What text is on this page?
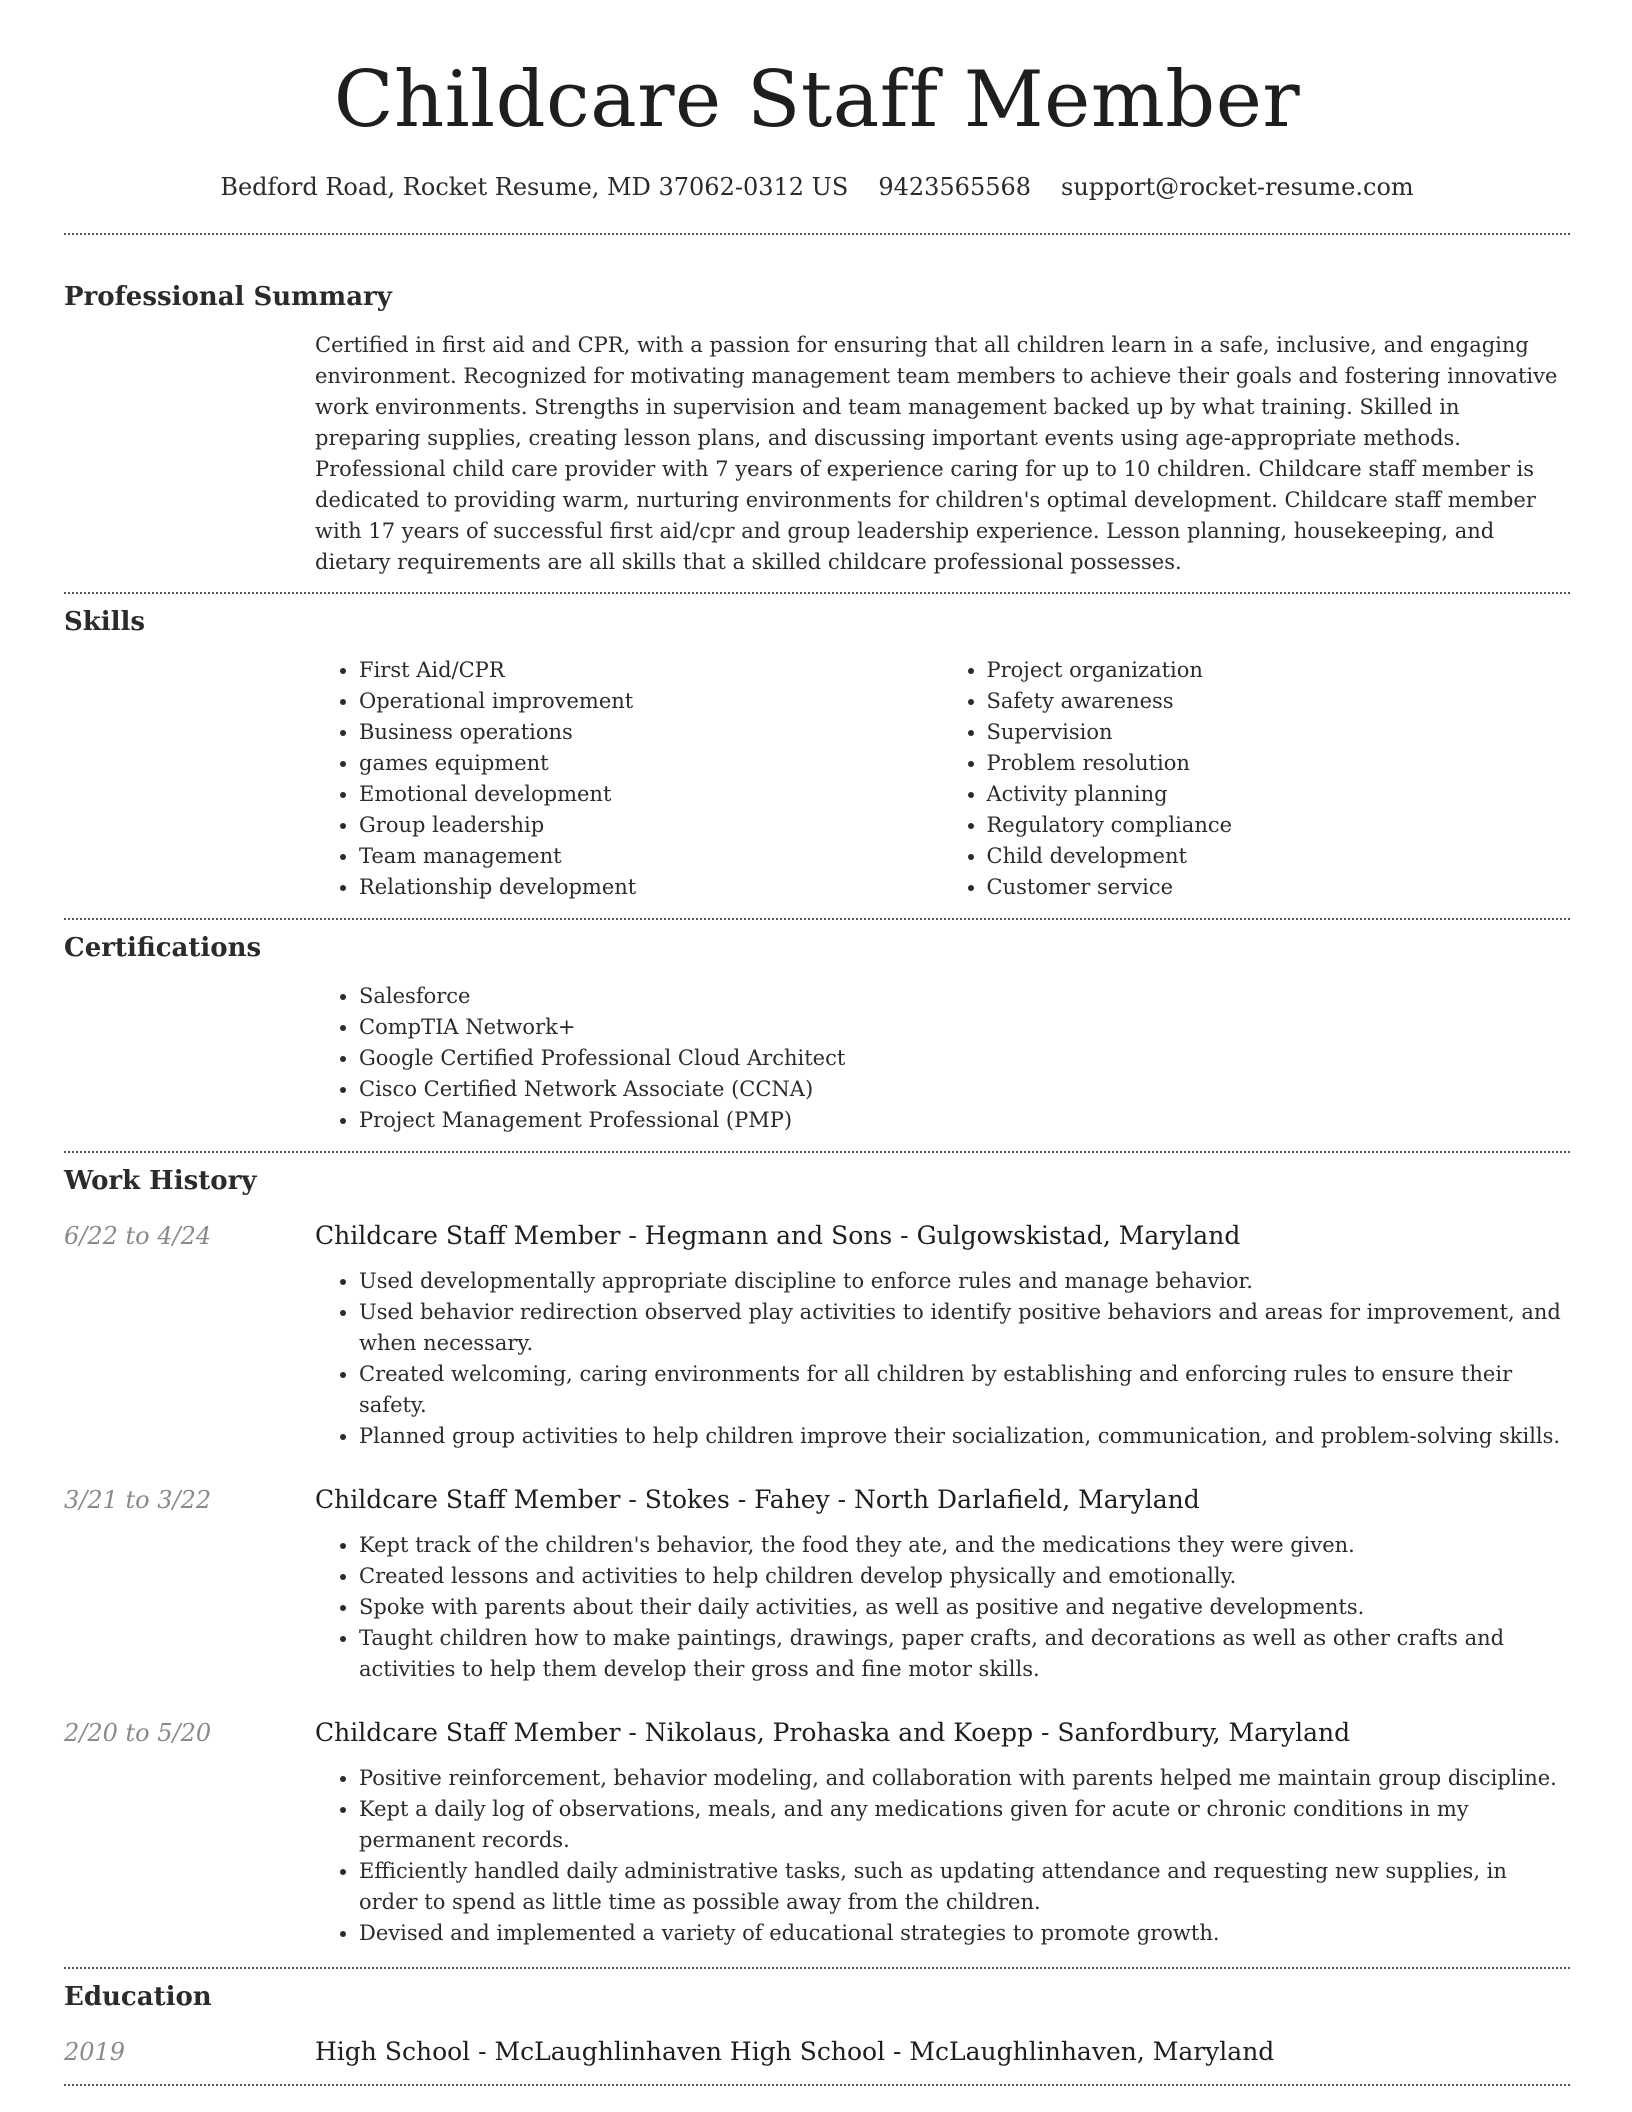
Childcare Staff Member
Bedford Road, Rocket Resume, MD 37062-0312 US 9423565568 support@rocket-resume.com
Professional Summary

Certified in first aid and CPR, with a passion for ensuring that all children learn in a safe, inclusive, and engaging environment. Recognized for motivating management team members to achieve their goals and fostering innovative work environments. Strengths in supervision and team management backed up by what training. Skilled in preparing supplies, creating lesson plans, and discussing important events using age-appropriate methods. Professional child care provider with 7 years of experience caring for up to 10 children. Childcare staff member is dedicated to providing warm, nurturing environments for children's optimal development. Childcare staff member with 17 years of successful first aid/cpr and group leadership experience. Lesson planning, housekeeping, and dietary requirements are all skills that a skilled childcare professional possesses.

Skills
• First Aid/CPR
• Operational improvement
• Business operations
• games equipment
• Emotional development
• Group leadership
• Team management
• Relationship development
• Project organization
• Safety awareness
• Supervision
• Problem resolution
• Activity planning
• Regulatory compliance
• Child development
• Customer service
Certifications
• Salesforce
• CompTIA Network+
• Google Certified Professional Cloud Architect
• Cisco Certified Network Associate (CCNA)
• Project Management Professional (PMP)
Work History
6/22 to 4/24	Childcare Staff Member - Hegmann and Sons - Gulgowskistad, Maryland
• Used developmentally appropriate discipline to enforce rules and manage behavior.
• Used behavior redirection observed play activities to identify positive behaviors and areas for improvement, and when necessary.
• Created welcoming, caring environments for all children by establishing and enforcing rules to ensure their safety.
• Planned group activities to help children improve their socialization, communication, and problem-solving skills.
3/21 to 3/22	Childcare Staff Member - Stokes - Fahey - North Darlafield, Maryland
• Kept track of the children's behavior, the food they ate, and the medications they were given.
• Created lessons and activities to help children develop physically and emotionally.
• Spoke with parents about their daily activities, as well as positive and negative developments.
• Taught children how to make paintings, drawings, paper crafts, and decorations as well as other crafts and activities to help them develop their gross and fine motor skills.
2/20 to 5/20	Childcare Staff Member - Nikolaus, Prohaska and Koepp - Sanfordbury, Maryland
• Positive reinforcement, behavior modeling, and collaboration with parents helped me maintain group discipline.
• Kept a daily log of observations, meals, and any medications given for acute or chronic conditions in my permanent records.
• Efficiently handled daily administrative tasks, such as updating attendance and requesting new supplies, in order to spend as little time as possible away from the children.
• Devised and implemented a variety of educational strategies to promote growth.
Education
2019	High School - McLaughlinhaven High School - McLaughlinhaven, Maryland
